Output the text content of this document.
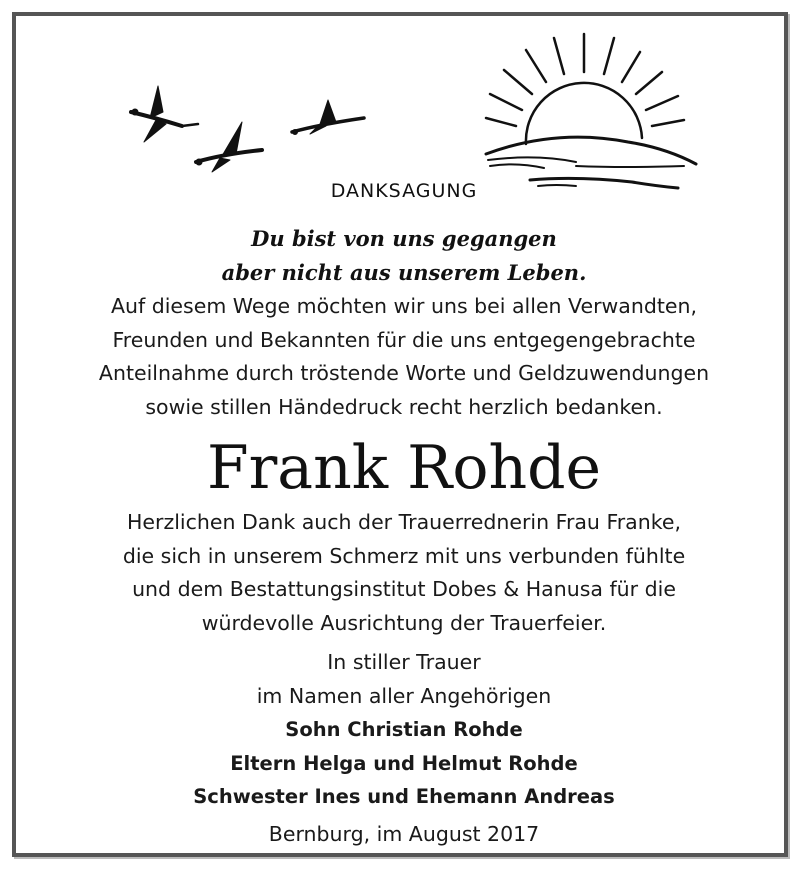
DANKSAGUNG
Du bist von uns gegangen
aber nicht aus unserem Leben.
Auf diesem Wege möchten wir uns bei allen Verwandten,
Freunden und Bekannten für die uns entgegengebrachte
Anteilnahme durch tröstende Worte und Geldzuwendungen
sowie stillen Händedruck recht herzlich bedanken.
Frank Rohde
Herzlichen Dank auch der Trauerrednerin Frau Franke,
die sich in unserem Schmerz mit uns verbunden fühlte
und dem Bestattungsinstitut Dobes & Hanusa für die
würdevolle Ausrichtung der Trauerfeier.
In stiller Trauer
im Namen aller Angehörigen
Sohn Christian Rohde
Eltern Helga und Helmut Rohde
Schwester Ines und Ehemann Andreas
Bernburg, im August 2017
